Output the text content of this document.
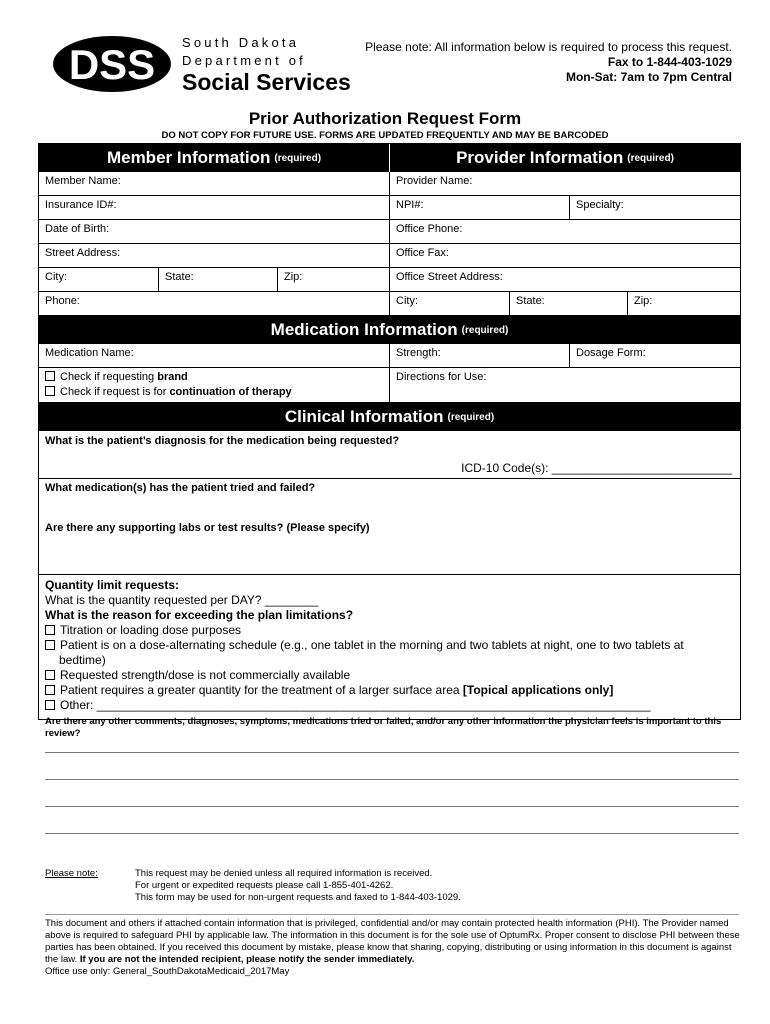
DSS South Dakota
Department of
Social Services
Please note: All information below is required to process this request.
Fax to 1-844-403-1029
Mon-Sat: 7am to 7pm Central
Prior Authorization Request Form
DO NOT COPY FOR FUTURE USE. FORMS ARE UPDATED FREQUENTLY AND MAY BE BARCODED
Member Information (required)	Provider Information (required)
Member Name:	Provider Name:
Insurance ID#:	NPI#:	Specialty:
Date of Birth:	Office Phone:
Street Address:	Office Fax:
City:	State:	Zip:	Office Street Address:
Phone:	City:	State:	Zip:
Medication Information (required)
Medication Name:	Strength:	Dosage Form:
Check if requesting brand
Check if request is for continuation of therapy
Directions for Use:
Clinical Information (required)
What is the patient’s diagnosis for the medication being requested?
ICD-10 Code(s): ___________________________
What medication(s) has the patient tried and failed?
Are there any supporting labs or test results? (Please specify)
Quantity limit requests:
What is the quantity requested per DAY? ________
What is the reason for exceeding the plan limitations?
Titration or loading dose purposes
Patient is on a dose-alternating schedule (e.g., one tablet in the morning and two tablets at night, one to two tablets at
bedtime)
Requested strength/dose is not commercially available
Patient requires a greater quantity for the treatment of a larger surface area [Topical applications only]
Other: ___________________________________________________________________________________
Are there any other comments, diagnoses, symptoms, medications tried or failed, and/or any other information the physician feels is important to this review?
Please note:	This request may be denied unless all required information is received.
For urgent or expedited requests please call 1-855-401-4262.
This form may be used for non-urgent requests and faxed to 1-844-403-1029.
This document and others if attached contain information that is privileged, confidential and/or may contain protected health information (PHI). The Provider named above is required to safeguard PHI by applicable law. The information in this document is for the sole use of OptumRx. Proper consent to disclose PHI between these parties has been obtained. If you received this document by mistake, please know that sharing, copying, distributing or using information in this document is against the law. If you are not the intended recipient, please notify the sender immediately.
Office use only: General_SouthDakotaMedicaid_2017May
